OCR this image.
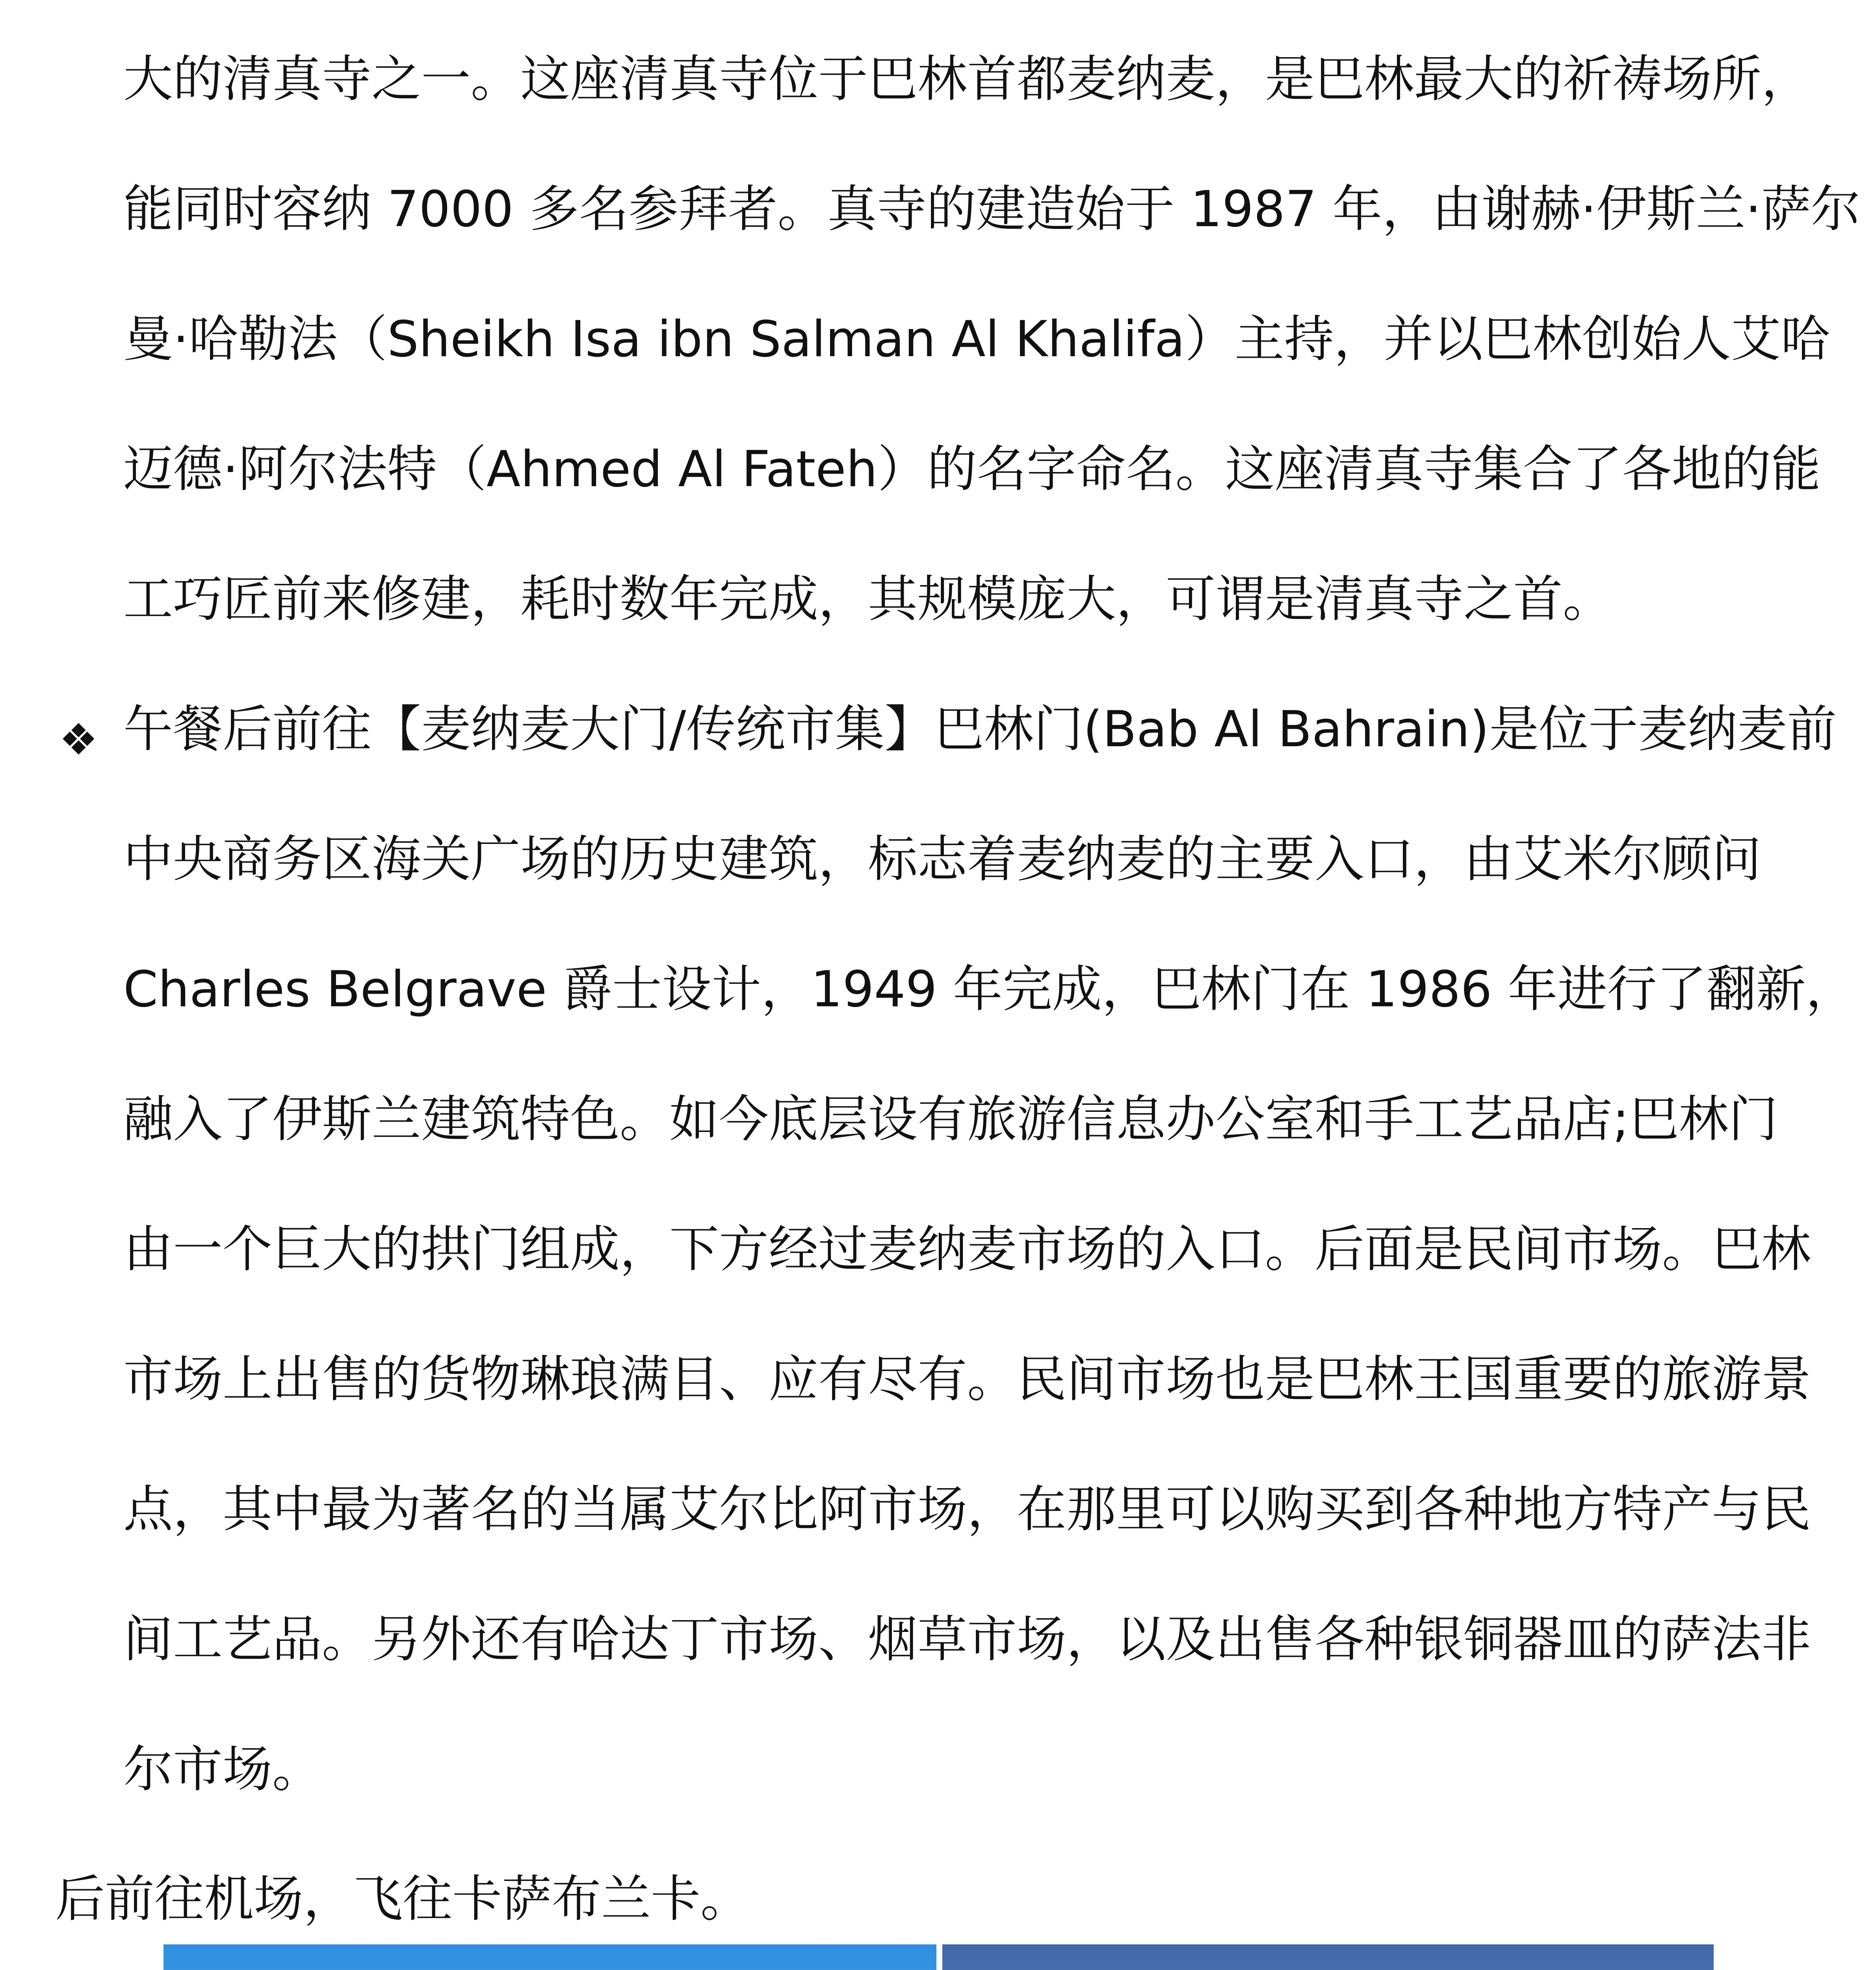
大的清真寺之一。这座清真寺位于巴林首都麦纳麦，是巴林最大的祈祷场所，
能同时容纳 7000 多名参拜者。真寺的建造始于 1987 年，由谢赫·伊斯兰·萨尔
曼·哈勒法（Sheikh Isa ibn Salman Al Khalifa）主持，并以巴林创始人艾哈
迈德·阿尔法特（Ahmed Al Fateh）的名字命名。这座清真寺集合了各地的能
工巧匠前来修建，耗时数年完成，其规模庞大，可谓是清真寺之首。
❖ 午餐后前往【麦纳麦大门/传统市集】巴林门(Bab Al Bahrain)是位于麦纳麦前
中央商务区海关广场的历史建筑，标志着麦纳麦的主要入口，由艾米尔顾问
Charles Belgrave 爵士设计，1949 年完成，巴林门在 1986 年进行了翻新，
融入了伊斯兰建筑特色。如今底层设有旅游信息办公室和手工艺品店;巴林门
由一个巨大的拱门组成，下方经过麦纳麦市场的入口。后面是民间市场。巴林
市场上出售的货物琳琅满目、应有尽有。民间市场也是巴林王国重要的旅游景
点，其中最为著名的当属艾尔比阿市场，在那里可以购买到各种地方特产与民
间工艺品。另外还有哈达丁市场、烟草市场，以及出售各种银铜器皿的萨法非
尔市场。
后前往机场，飞往卡萨布兰卡。
